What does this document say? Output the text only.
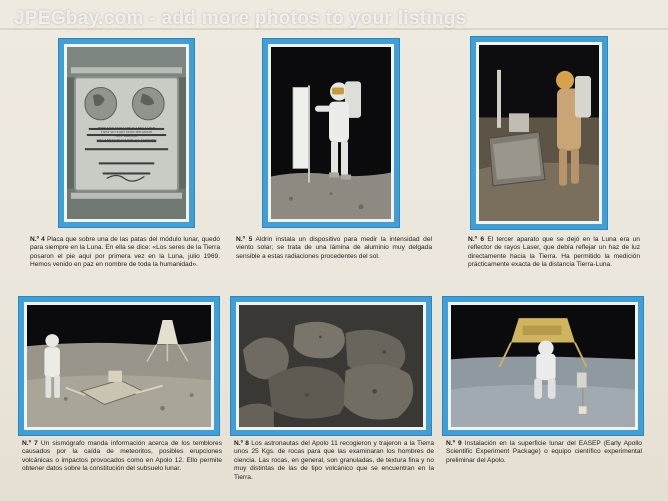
JPEGbay.com - add more photos to your listings
HERE MEN FROM THE PLANET EARTH
FIRST SET FOOT UPON THE MOON
JULY 1969, A.D.
WE CAME IN PEACE FOR ALL MANKIND
N.º 4 Placa que sobre una de las patas del módulo lunar, quedó para siempre en la Luna. En ella se dice: «Los seres de la Tierra posaron el pie aquí por primera vez en la Luna, julio 1969. Hemos venido en paz en nombre de toda la humanidad».
N.º 5 Aldrin instala un dispositivo para medir la intensidad del viento solar; se trata de una lámina de aluminio muy delgada sensible a estas radiaciones procedentes del sol.
N.º 6 El tercer aparato que se dejó en la Luna era un reflector de rayos Laser, que debía reflejar un haz de luz directamente hacia la Tierra. Ha permitido la medición prácticamente exacta de la distancia Tierra-Luna.
N.º 7 Un sismógrafo manda información acerca de los temblores causados por la caída de meteoritos, posibles erupciones volcánicas o impactos provocados como en Apolo 12. Ello permite obtener datos sobre la constitución del subsuelo lunar.
N.º 8 Los astronautas del Apolo 11 recogieron y trajeron a la Tierra unos 25 Kgs. de rocas para que las examinaran los hombres de ciencia. Las rocas, en general, son granuladas, de textura fina y no muy distintas de las de tipo volcánico que se encuentran en la Tierra.
N.º 9 Instalación en la superficie lunar del EASEP (Early Apollo Scientific Experiment Package) o equipo científico experimental preliminar del Apolo.
